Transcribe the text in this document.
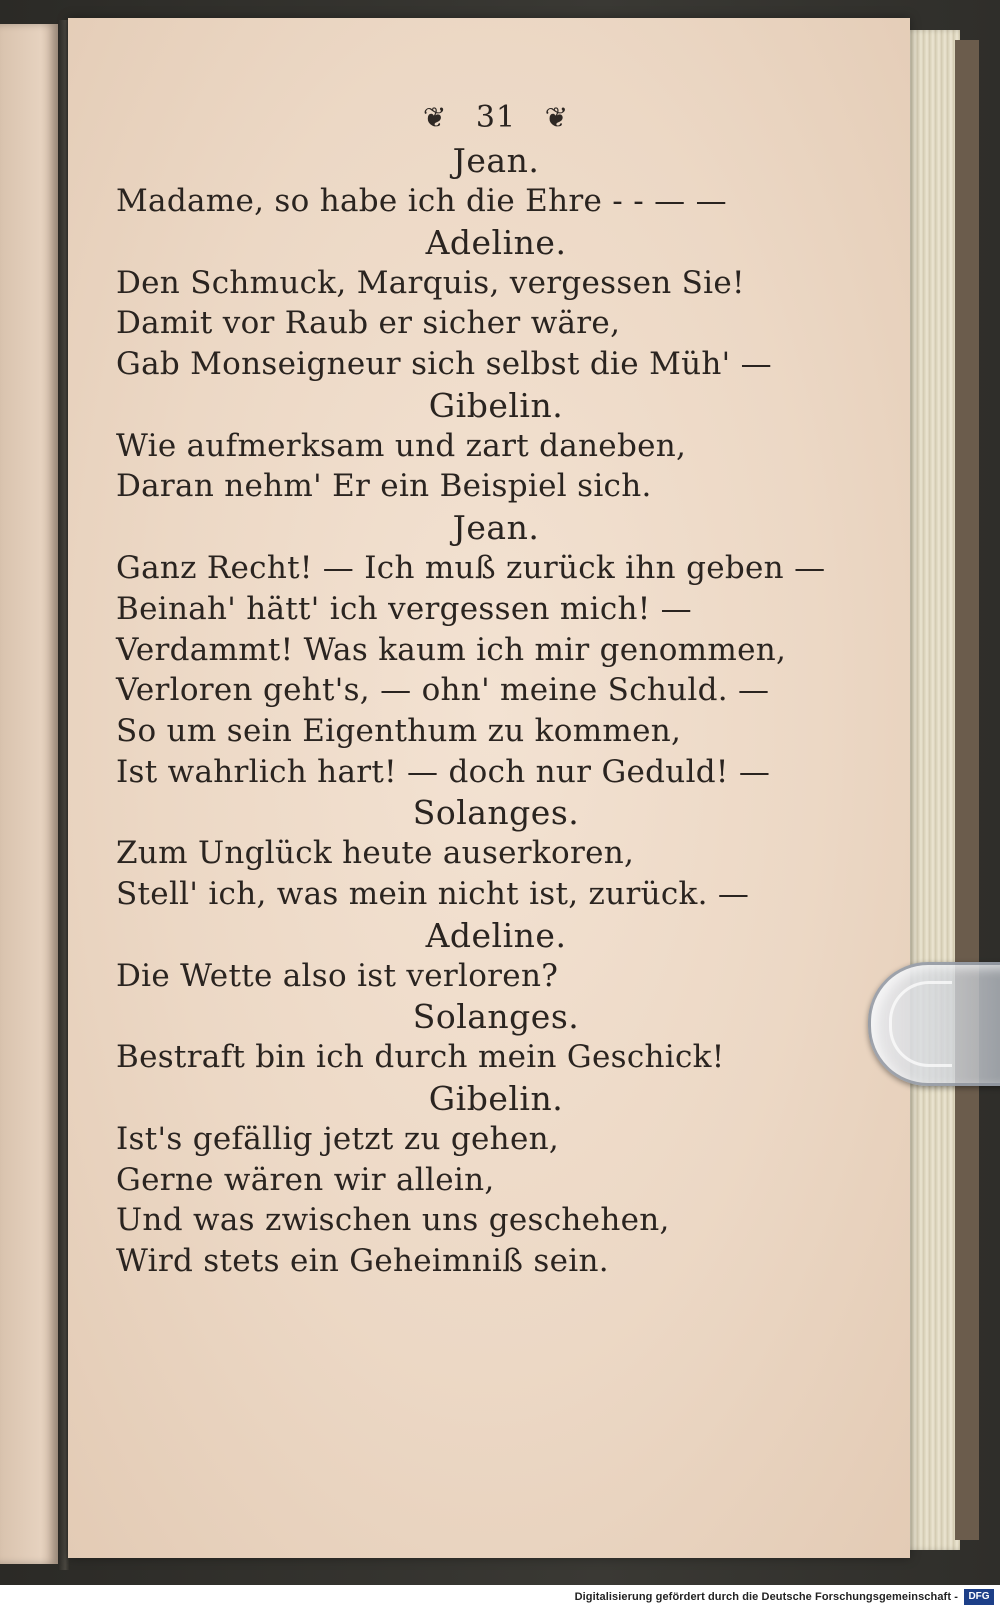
❦ 31 ❦
Jean.
Madame, so habe ich die Ehre - - — —
Adeline.
Den Schmuck, Marquis, vergessen Sie!
Damit vor Raub er sicher wäre,
Gab Monseigneur sich selbst die Müh' —
Gibelin.
Wie aufmerksam und zart daneben,
Daran nehm' Er ein Beispiel sich.
Jean.
Ganz Recht! — Ich muß zurück ihn geben —
Beinah' hätt' ich vergessen mich! —
Verdammt! Was kaum ich mir genommen,
Verloren geht's, — ohn' meine Schuld. —
So um sein Eigenthum zu kommen,
Ist wahrlich hart! — doch nur Geduld! —
Solanges.
Zum Unglück heute auserkoren,
Stell' ich, was mein nicht ist, zurück. —
Adeline.
Die Wette also ist verloren?
Solanges.
Bestraft bin ich durch mein Geschick!
Gibelin.
Ist's gefällig jetzt zu gehen,
Gerne wären wir allein,
Und was zwischen uns geschehen,
Wird stets ein Geheimniß sein.
Digitalisierung gefördert durch die Deutsche Forschungsgemeinschaft -	DFG
